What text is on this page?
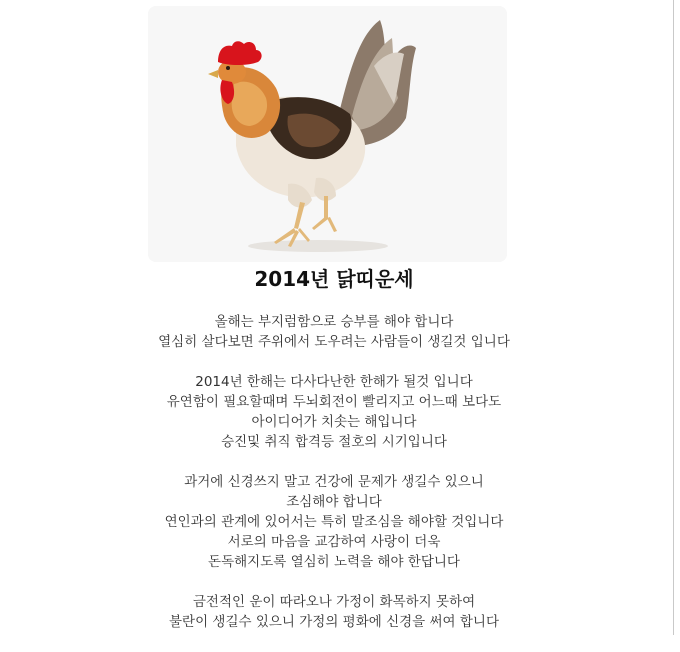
2014년 닭띠운세

올해는 부지럼함으로 승부를 해야 합니다
열심히 살다보면 주위에서 도우려는 사람들이 생길것 입니다

2014년 한해는 다사다난한 한해가 될것 입니다
유연함이 필요할때며 두뇌회전이 빨리지고 어느때 보다도
아이디어가 치솟는 해입니다
승진및 취직 합격등 절호의 시기입니다

과거에 신경쓰지 말고 건강에 문제가 생길수 있으니
조심해야 합니다
연인과의 관계에 있어서는 특히 말조심을 해야할 것입니다
서로의 마음을 교감하여 사랑이 더욱
돈독해지도록 열심히 노력을 해야 한답니다

금전적인 운이 따라오나 가정이 화목하지 못하여
불란이 생길수 있으니 가정의 평화에 신경을 써여 합니다
